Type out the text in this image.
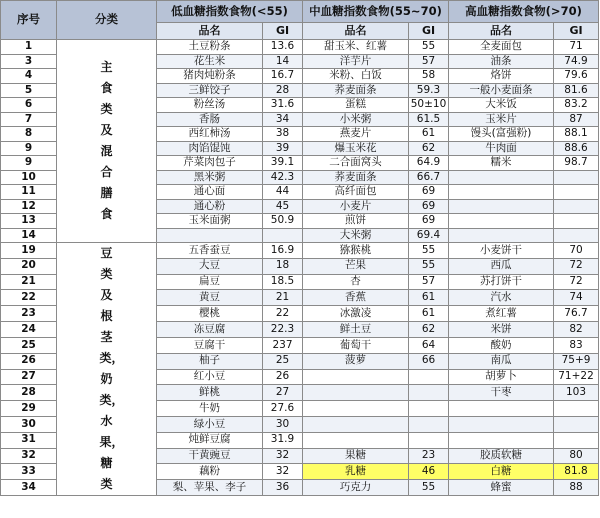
序号	分类	低血糖指数食物(<55)		中血糖指数食物(55~70)		高血糖指数食物(>70)	
		品名	GI	品名	GI	品名	GI
1	主食类及混合膳食	土豆粉条	13.6	甜玉米、红薯	55	全麦面包	71
3		花生米	14	洋芋片	57	油条	74.9
4		猪肉炖粉条	16.7	米粉、白饭	58	烙饼	79.6
5		三鲜饺子	28	荞麦面条	59.3	一般小麦面条	81.6
6		粉丝汤	31.6	蛋糕	50±10	大米饭	83.2
7		香肠	34	小米粥	61.5	玉米片	87
8		西红柿汤	38	燕麦片	61	馒头(富强粉)	88.1
9		肉馅馄饨	39	爆玉米花	62	牛肉面	88.6
9		芹菜肉包子	39.1	二合面窝头	64.9	糯米	98.7
10		黑米粥	42.3	荞麦面条	66.7		
11		通心面	44	高纤面包	69		
12		通心粉	45	小麦片	69		
13		玉米面粥	50.9	煎饼	69		
14				大米粥	69.4		
19	豆类及根茎类，奶类，水果，糖类	五香蚕豆	16.9	猕猴桃	55	小麦饼干	70
20		大豆	18	芒果	55	西瓜	72
21		扁豆	18.5	杏	57	苏打饼干	72
22		黄豆	21	香蕉	61	汽水	74
23		樱桃	22	冰激凌	61	煮红薯	76.7
24		冻豆腐	22.3	鲜土豆	62	米饼	82
25		豆腐干	237	葡萄干	64	酸奶	83
26		柚子	25	菠萝	66	南瓜	75+9
27		红小豆	26			胡萝卜	71+22
28		鲜桃	27			干枣	103
29		牛奶	27.6				
30		绿小豆	30				
31		炖鲜豆腐	31.9				
32		干黄豌豆	32	果糖	23	胶质软糖	80
33		藕粉	32	乳糖	46	白糖	81.8
34		梨、苹果、李子	36	巧克力	55	蜂蜜	88
